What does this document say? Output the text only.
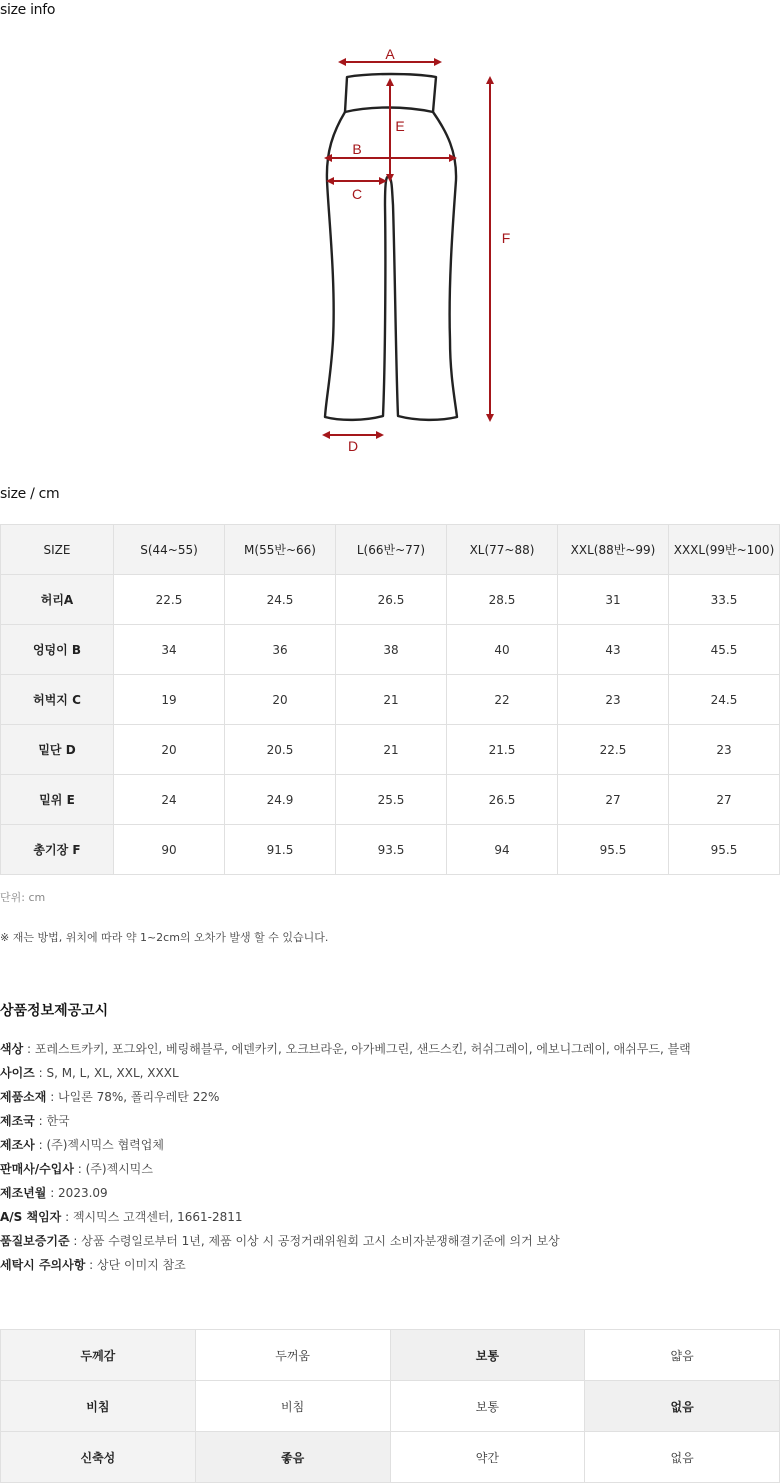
size info
A
E
B
C
D
F
size / cm
SIZE	S(44~55)	M(55반~66)	L(66반~77)	XL(77~88)	XXL(88반~99)	XXXL(99반~100)
허리A	22.5	24.5	26.5	28.5	31	33.5
엉덩이 B	34	36	38	40	43	45.5
허벅지 C	19	20	21	22	23	24.5
밑단 D	20	20.5	21	21.5	22.5	23
밑위 E	24	24.9	25.5	26.5	27	27
총기장 F	90	91.5	93.5	94	95.5	95.5
단위: cm
※ 재는 방법, 위치에 따라 약 1~2cm의 오차가 발생 할 수 있습니다.
상품정보제공고시
색상 : 포레스트카키, 포그와인, 베링해블루, 에덴카키, 오크브라운, 아가베그린, 샌드스킨, 허쉬그레이, 에보니그레이, 애쉬무드, 블랙
사이즈 : S, M, L, XL, XXL, XXXL
제품소재 : 나일론 78%, 폴리우레탄 22%
제조국 : 한국
제조사 : (주)젝시믹스 협력업체
판매사/수입사 : (주)젝시믹스
제조년월 : 2023.09
A/S 책임자 : 젝시믹스 고객센터, 1661-2811
품질보증기준 : 상품 수령일로부터 1년, 제품 이상 시 공정거래위원회 고시 소비자분쟁해결기준에 의거 보상
세탁시 주의사항 : 상단 이미지 참조
두께감	두꺼움	보통	얇음
비침	비침	보통	없음
신축성	좋음	약간	없음
